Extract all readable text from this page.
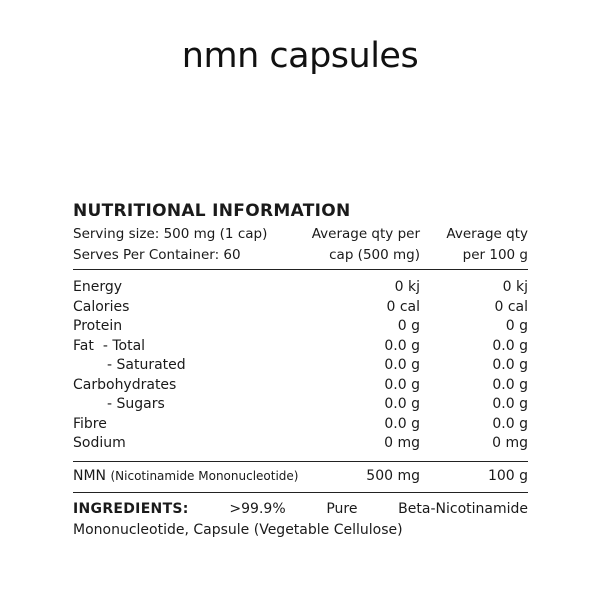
nmn capsules
NUTRITIONAL INFORMATION
Serving size: 500 mg (1 cap)	Average qty per	Average qty
Serves Per Container: 60	cap (500 mg)	per 100 g
Energy	0 kj	0 kj
Calories	0 cal	0 cal
Protein	0 g	0 g
Fat - Total	0.0 g	0.0 g
- Saturated	0.0 g	0.0 g
Carbohydrates	0.0 g	0.0 g
- Sugars	0.0 g	0.0 g
Fibre	0.0 g	0.0 g
Sodium	0 mg	0 mg
NMN (Nicotinamide Mononucleotide)	500 mg	100 g
INGREDIENTS:	>99.9% Pure Beta-Nicotinamide Mononucleotide, Capsule (Vegetable Cellulose)
